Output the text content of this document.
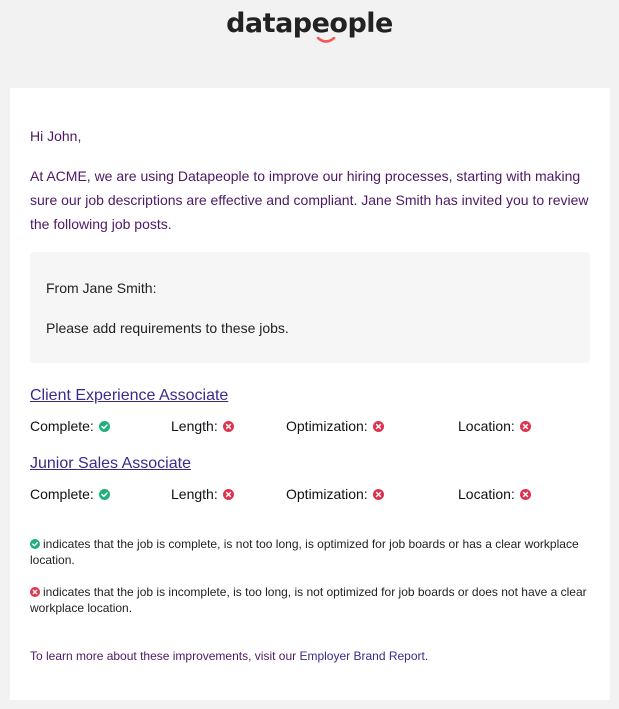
datapeople
Hi John,
At ACME, we are using Datapeople to improve our hiring processes, starting with making sure our job descriptions are effective and compliant. Jane Smith has invited you to review the following job posts.
From Jane Smith:
Please add requirements to these jobs.
Client Experience Associate
Complete:	Length:	Optimization:	Location:
Junior Sales Associate
Complete:	Length:	Optimization:	Location:
indicates that the job is complete, is not too long, is optimized for job boards or has a clear workplace location.
indicates that the job is incomplete, is too long, is not optimized for job boards or does not have a clear workplace location.
To learn more about these improvements, visit our Employer Brand Report.
